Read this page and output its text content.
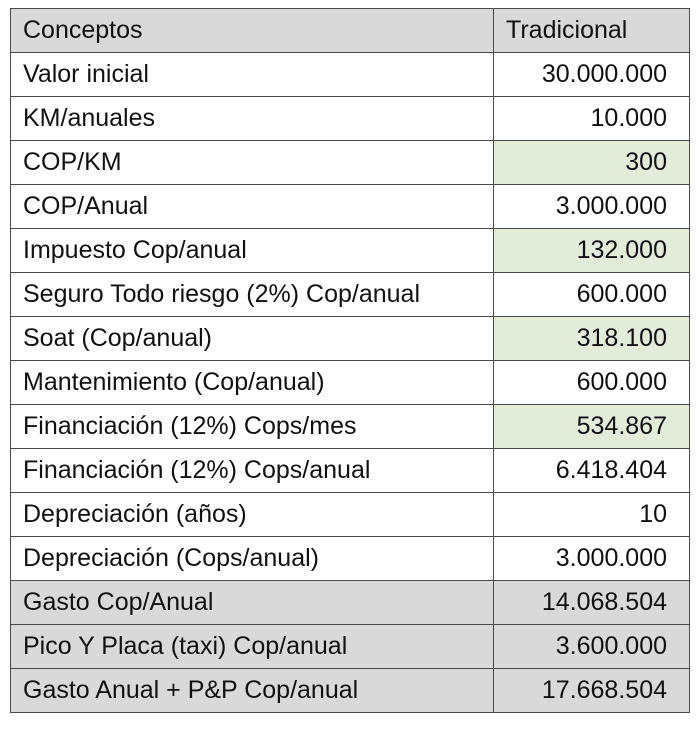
Conceptos	Tradicional
Valor inicial	30.000.000
KM/anuales	10.000
COP/KM	300
COP/Anual	3.000.000
Impuesto Cop/anual	132.000
Seguro Todo riesgo (2%) Cop/anual	600.000
Soat (Cop/anual)	318.100
Mantenimiento (Cop/anual)	600.000
Financiación (12%) Cops/mes	534.867
Financiación (12%) Cops/anual	6.418.404
Depreciación (años)	10
Depreciación (Cops/anual)	3.000.000
Gasto Cop/Anual	14.068.504
Pico Y Placa (taxi) Cop/anual	3.600.000
Gasto Anual + P&P Cop/anual	17.668.504
